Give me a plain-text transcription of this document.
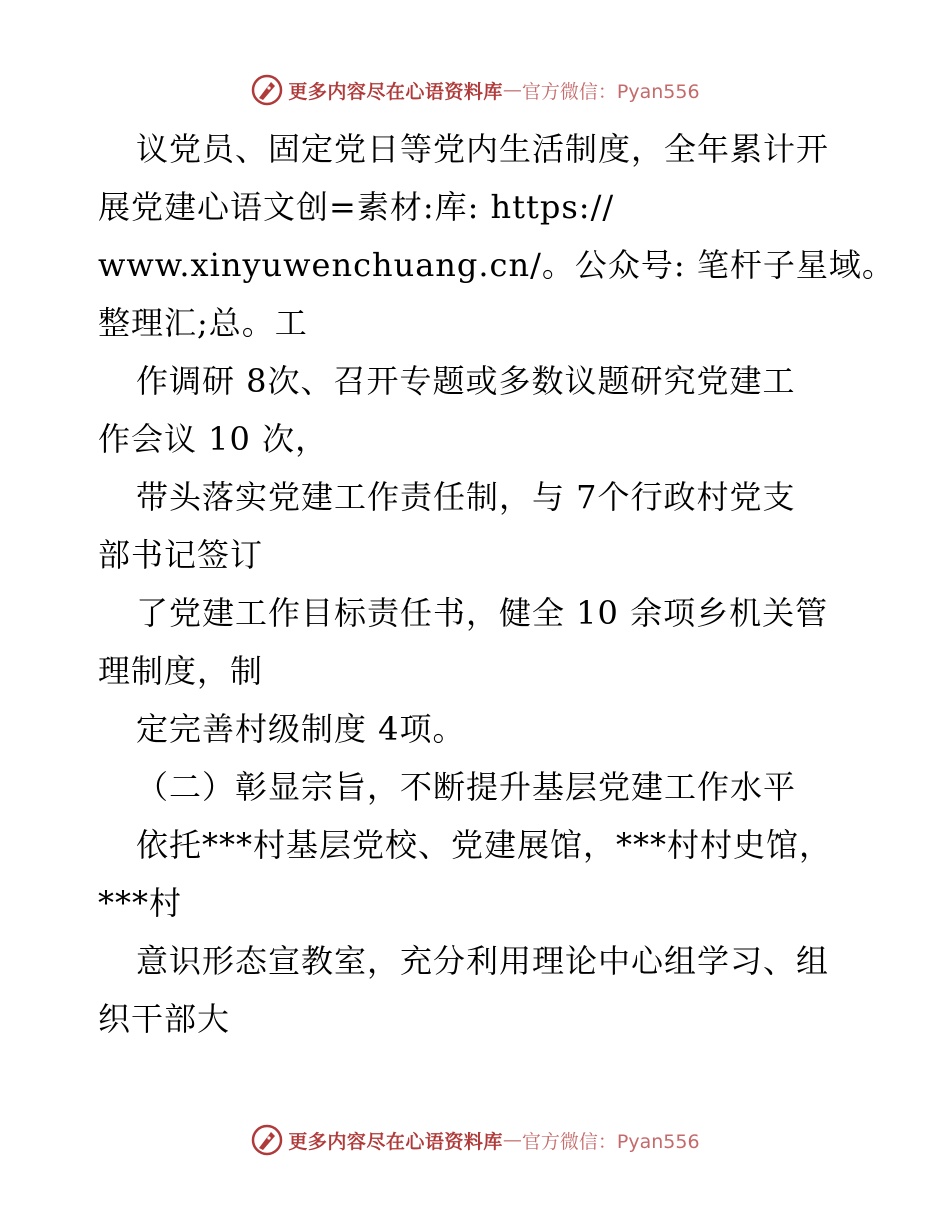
更多内容尽在心语资料库 — 官方微信：Pyan556
议党员、固定党日等党内生活制度，全年累计开
展党建心语文创=素材:库: https://
www.xinyuwenchuang.cn/。公众号: 笔杆子星域。
整理汇;总。工
作调研 8次、召开专题或多数议题研究党建工
作会议 10 次，
带头落实党建工作责任制，与 7个行政村党支
部书记签订
了党建工作目标责任书，健全 10 余项乡机关管
理制度，制
定完善村级制度 4项。
（二）彰显宗旨，不断提升基层党建工作水平
依托***村基层党校、党建展馆，***村村史馆，
***村
意识形态宣教室，充分利用理论中心组学习、组
织干部大
更多内容尽在心语资料库 — 官方微信：Pyan556
